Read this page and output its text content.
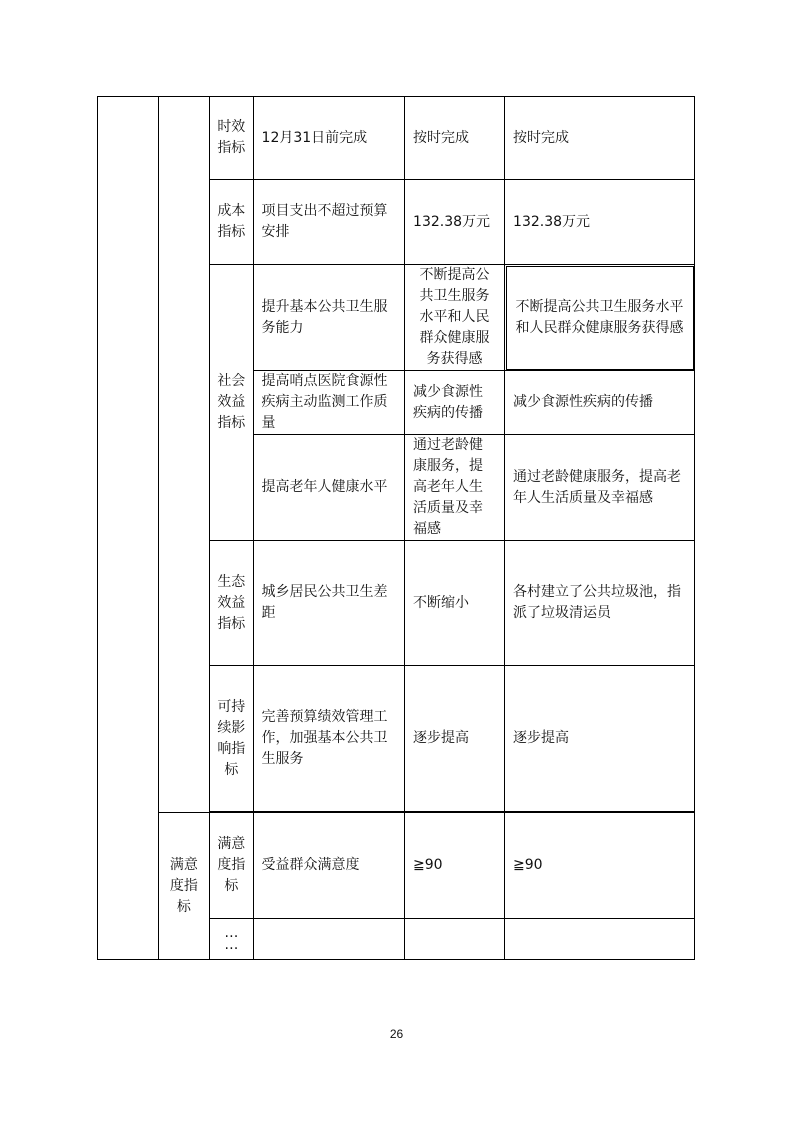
		时效指标	12月31日前完成	按时完成	按时完成
		成本指标	项目支出不超过预算安排	132.38万元	132.38万元
		社会效益指标	提升基本公共卫生服务能力	不断提高公共卫生服务水平和人民群众健康服务获得感	不断提高公共卫生服务水平和人民群众健康服务获得感
			提高哨点医院食源性疾病主动监测工作质量	减少食源性疾病的传播	减少食源性疾病的传播
			提高老年人健康水平	通过老龄健康服务，提高老年人生活质量及幸福感	通过老龄健康服务，提高老年人生活质量及幸福感
		生态效益指标	城乡居民公共卫生差距	不断缩小	各村建立了公共垃圾池，指派了垃圾清运员
		可持续影响指标	完善预算绩效管理工作，加强基本公共卫生服务	逐步提高	逐步提高

	满意度指标	满意度指标	受益群众满意度	≧90	≧90
		…
…			
26
